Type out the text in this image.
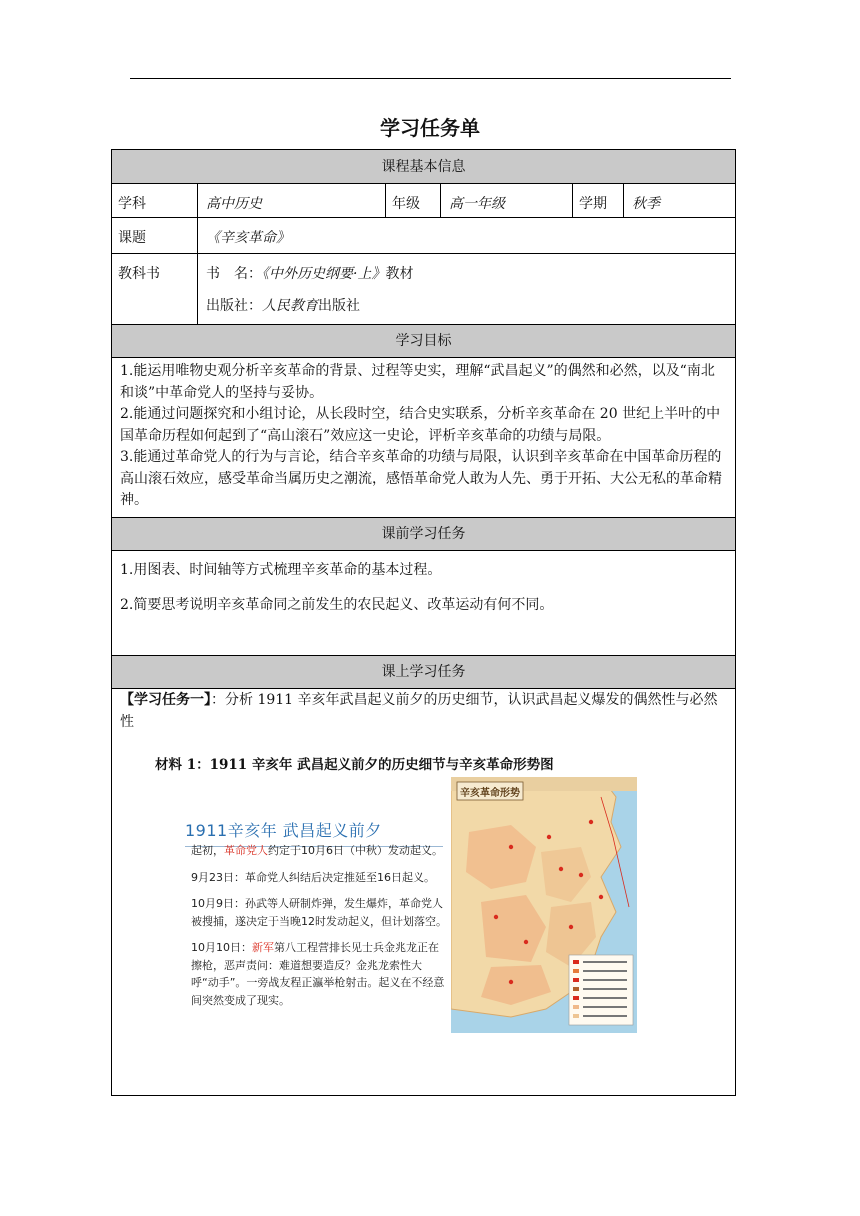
学习任务单
课程基本信息
学科	高中历史	年级	高一年级	学期	秋季
课题	《辛亥革命》
教科书	书　名：《中外历史纲要·上》教材
出版社：人民教育出版社
学习目标
1.能运用唯物史观分析辛亥革命的背景、过程等史实，理解“武昌起义”的偶然和必然，以及“南北和谈”中革命党人的坚持与妥协。
2.能通过问题探究和小组讨论，从长段时空，结合史实联系，分析辛亥革命在 20 世纪上半叶的中国革命历程如何起到了“高山滚石”效应这一史论，评析辛亥革命的功绩与局限。
3.能通过革命党人的行为与言论，结合辛亥革命的功绩与局限，认识到辛亥革命在中国革命历程的高山滚石效应，感受革命当属历史之潮流，感悟革命党人敢为人先、勇于开拓、大公无私的革命精神。
课前学习任务
1.用图表、时间轴等方式梳理辛亥革命的基本过程。
2.简要思考说明辛亥革命同之前发生的农民起义、改革运动有何不同。
课上学习任务
【学习任务一】：分析 1911 辛亥年武昌起义前夕的历史细节，认识武昌起义爆发的偶然性与必然性
材料 1：1911 辛亥年 武昌起义前夕的历史细节与辛亥革命形势图
1911辛亥年 武昌起义前夕
起初，革命党人约定于10月6日（中秋）发动起义。
9月23日：革命党人纠结后决定推延至16日起义。
10月9日：孙武等人研制炸弹，发生爆炸，革命党人被搜捕，遂决定于当晚12时发动起义，但计划落空。
10月10日：新军第八工程营排长见士兵金兆龙正在擦枪，恶声责问：难道想要造反？金兆龙索性大呼“动手”。一旁战友程正瀛举枪射击。起义在不经意间突然变成了现实。
辛亥革命形势
